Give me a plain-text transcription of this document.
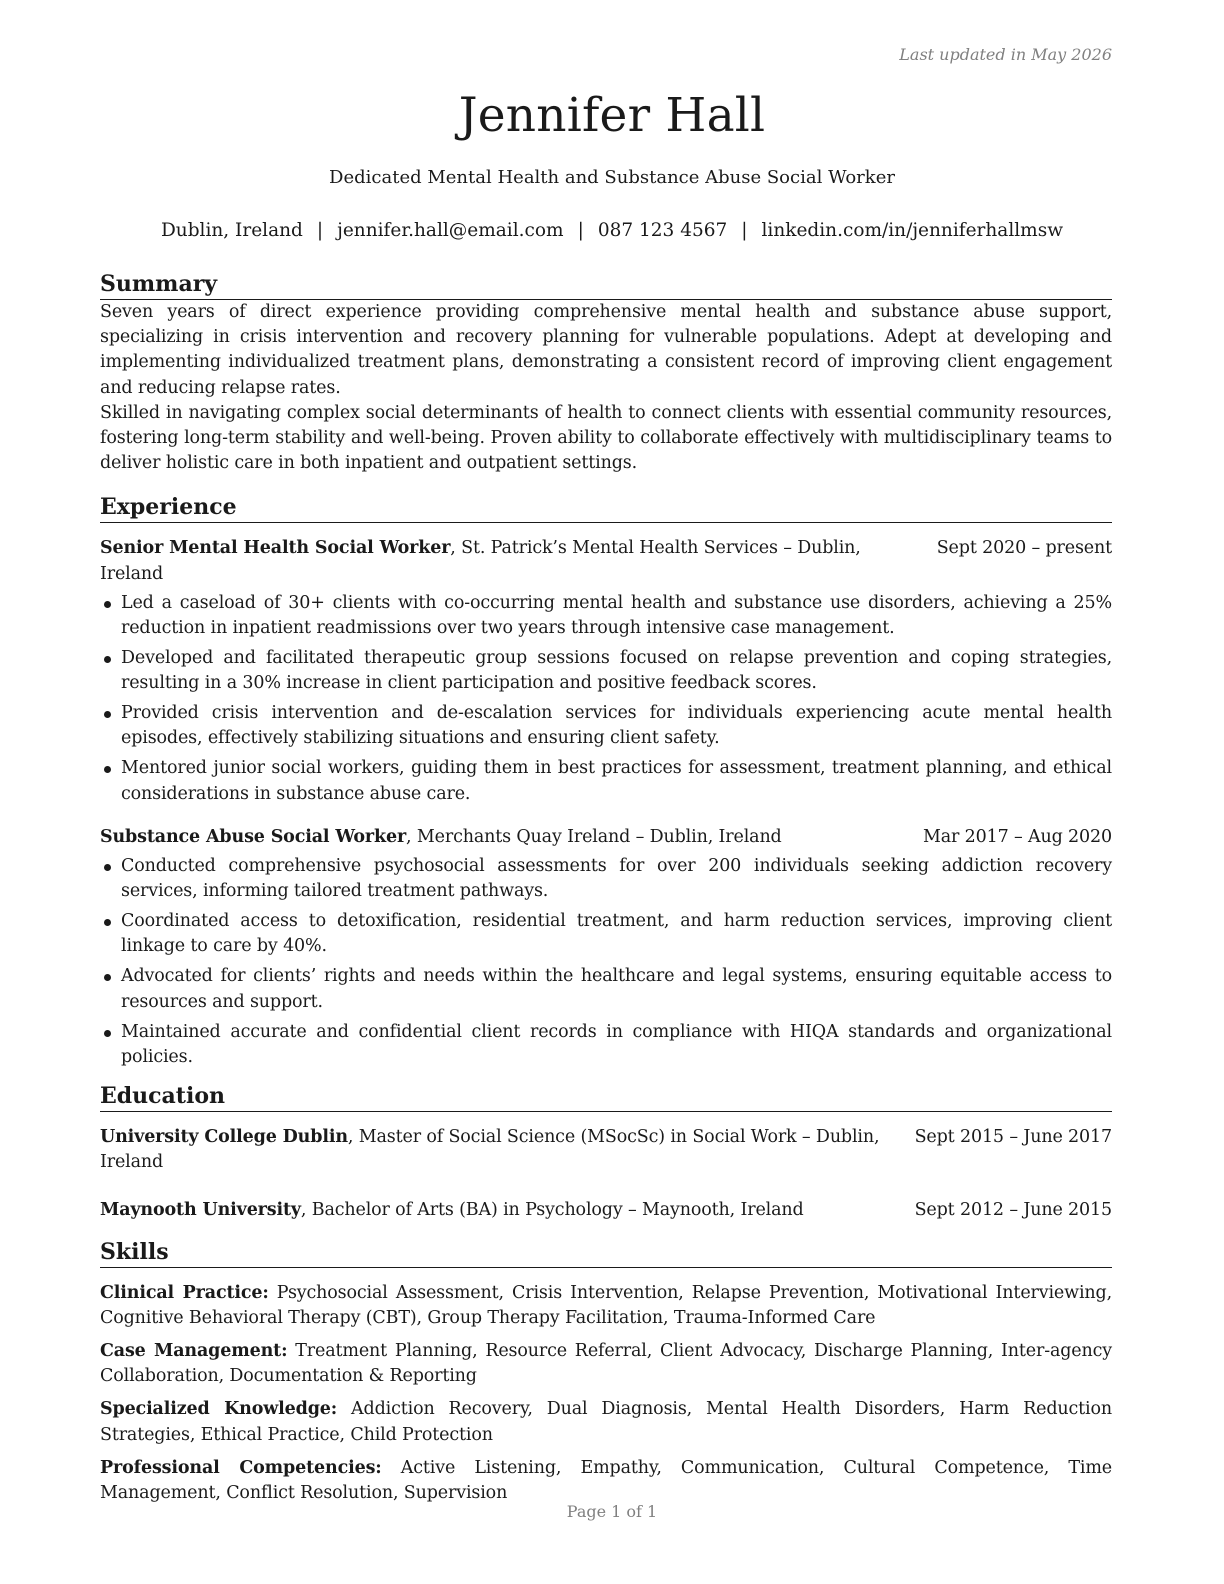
Last updated in May 2026
Jennifer Hall
Dedicated Mental Health and Substance Abuse Social Worker
Dublin, Ireland | jennifer.hall@email.com | 087 123 4567 | linkedin.com/in/jenniferhallmsw
Summary

Seven years of direct experience providing comprehensive mental health and substance abuse support, specializing in crisis intervention and recovery planning for vulnerable populations. Adept at developing and implementing individualized treatment plans, demonstrating a consistent record of improving client engagement and reducing relapse rates.

Skilled in navigating complex social determinants of health to connect clients with essential community resources, fostering long-term stability and well-being. Proven ability to collaborate effectively with multidisciplinary teams to deliver holistic care in both inpatient and outpatient settings.

Experience
Senior Mental Health Social Worker, St. Patrick’s Mental Health Services – Dublin, Ireland
Sept 2020 – present
Led a caseload of 30+ clients with co-occurring mental health and substance use disorders, achieving a 25% reduction in inpatient readmissions over two years through intensive case management.
Developed and facilitated therapeutic group sessions focused on relapse prevention and coping strategies, resulting in a 30% increase in client participation and positive feedback scores.
Provided crisis intervention and de-escalation services for individuals experiencing acute mental health episodes, effectively stabilizing situations and ensuring client safety.
Mentored junior social workers, guiding them in best practices for assessment, treatment planning, and ethical considerations in substance abuse care.
Substance Abuse Social Worker, Merchants Quay Ireland – Dublin, Ireland	Mar 2017 – Aug 2020
Conducted comprehensive psychosocial assessments for over 200 individuals seeking addiction recovery services, informing tailored treatment pathways.
Coordinated access to detoxification, residential treatment, and harm reduction services, improving client linkage to care by 40%.
Advocated for clients’ rights and needs within the healthcare and legal systems, ensuring equitable access to resources and support.
Maintained accurate and confidential client records in compliance with HIQA standards and organizational policies.
Education
University College Dublin, Master of Social Science (MSocSc) in Social Work – Dublin, Ireland
Sept 2015 – June 2017
Maynooth University, Bachelor of Arts (BA) in Psychology – Maynooth, Ireland	Sept 2012 – June 2015
Skills

Clinical Practice: Psychosocial Assessment, Crisis Intervention, Relapse Prevention, Motivational Interviewing, Cognitive Behavioral Therapy (CBT), Group Therapy Facilitation, Trauma-Informed Care

Case Management: Treatment Planning, Resource Referral, Client Advocacy, Discharge Planning, Inter-agency Collaboration, Documentation & Reporting

Specialized Knowledge: Addiction Recovery, Dual Diagnosis, Mental Health Disorders, Harm Reduction Strategies, Ethical Practice, Child Protection

Professional Competencies: Active Listening, Empathy, Communication, Cultural Competence, Time Management, Conflict Resolution, Supervision

Page 1 of 1
